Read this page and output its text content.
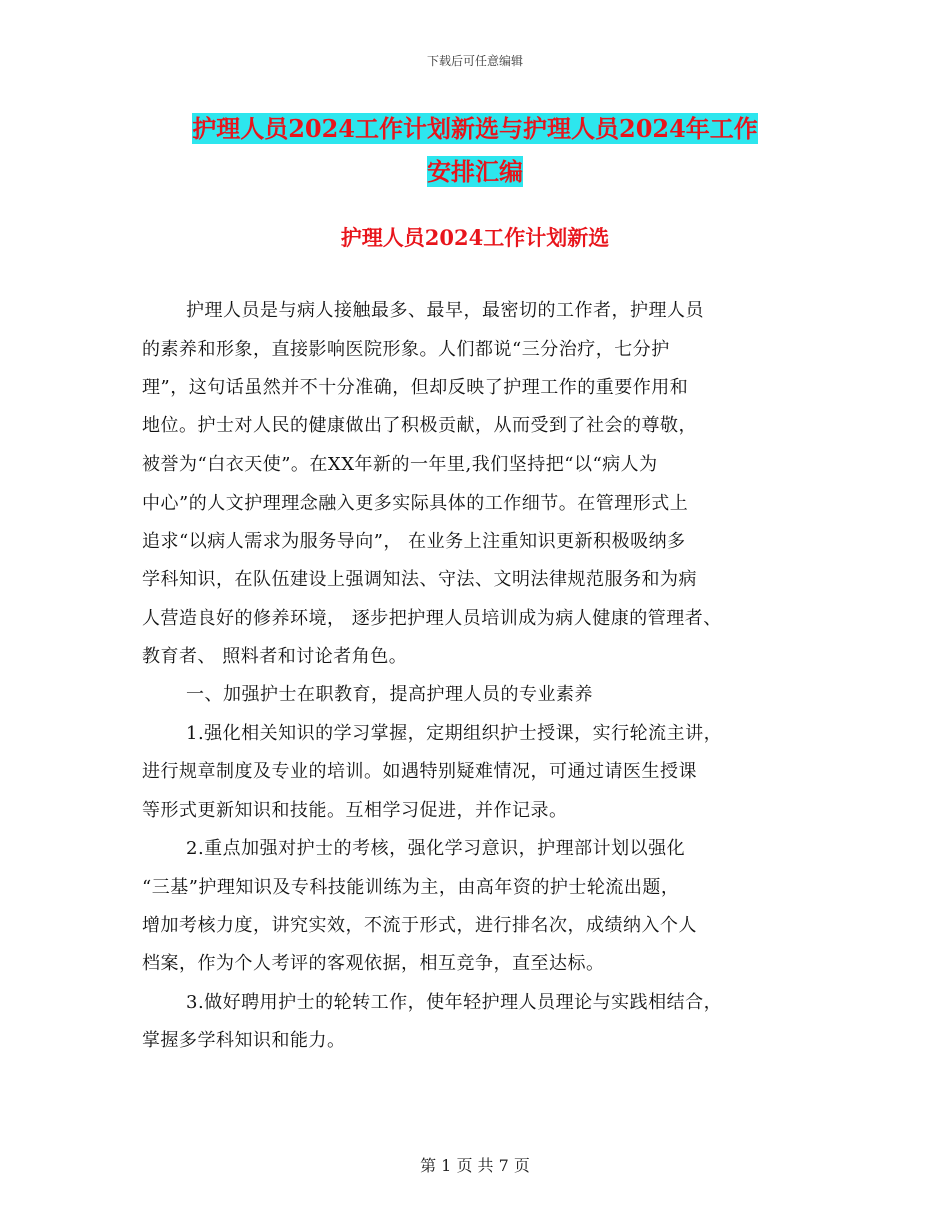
下载后可任意编辑
护理人员2024工作计划新选与护理人员2024年工作
安排汇编
护理人员2024工作计划新选
护理人员是与病人接触最多、最早，最密切的工作者，护理人员
的素养和形象，直接影响医院形象。人们都说“三分治疗，七分护
理”，这句话虽然并不十分准确，但却反映了护理工作的重要作用和
地位。护士对人民的健康做出了积极贡献，从而受到了社会的尊敬，
被誉为“白衣天使”。在XX年新的一年里,我们坚持把“以“病人为
中心”的人文护理理念融入更多实际具体的工作细节。在管理形式上
追求“以病人需求为服务导向”， 在业务上注重知识更新积极吸纳多
学科知识，在队伍建设上强调知法、守法、文明法律规范服务和为病
人营造良好的修养环境， 逐步把护理人员培训成为病人健康的管理者、
教育者、 照料者和讨论者角色。
一、加强护士在职教育，提高护理人员的专业素养
1.强化相关知识的学习掌握，定期组织护士授课，实行轮流主讲，
进行规章制度及专业的培训。如遇特别疑难情况，可通过请医生授课
等形式更新知识和技能。互相学习促进，并作记录。
2.重点加强对护士的考核，强化学习意识，护理部计划以强化
“三基”护理知识及专科技能训练为主，由高年资的护士轮流出题，
增加考核力度，讲究实效，不流于形式，进行排名次，成绩纳入个人
档案，作为个人考评的客观依据，相互竞争，直至达标。
3.做好聘用护士的轮转工作，使年轻护理人员理论与实践相结合，
掌握多学科知识和能力。
第 1 页 共 7 页
